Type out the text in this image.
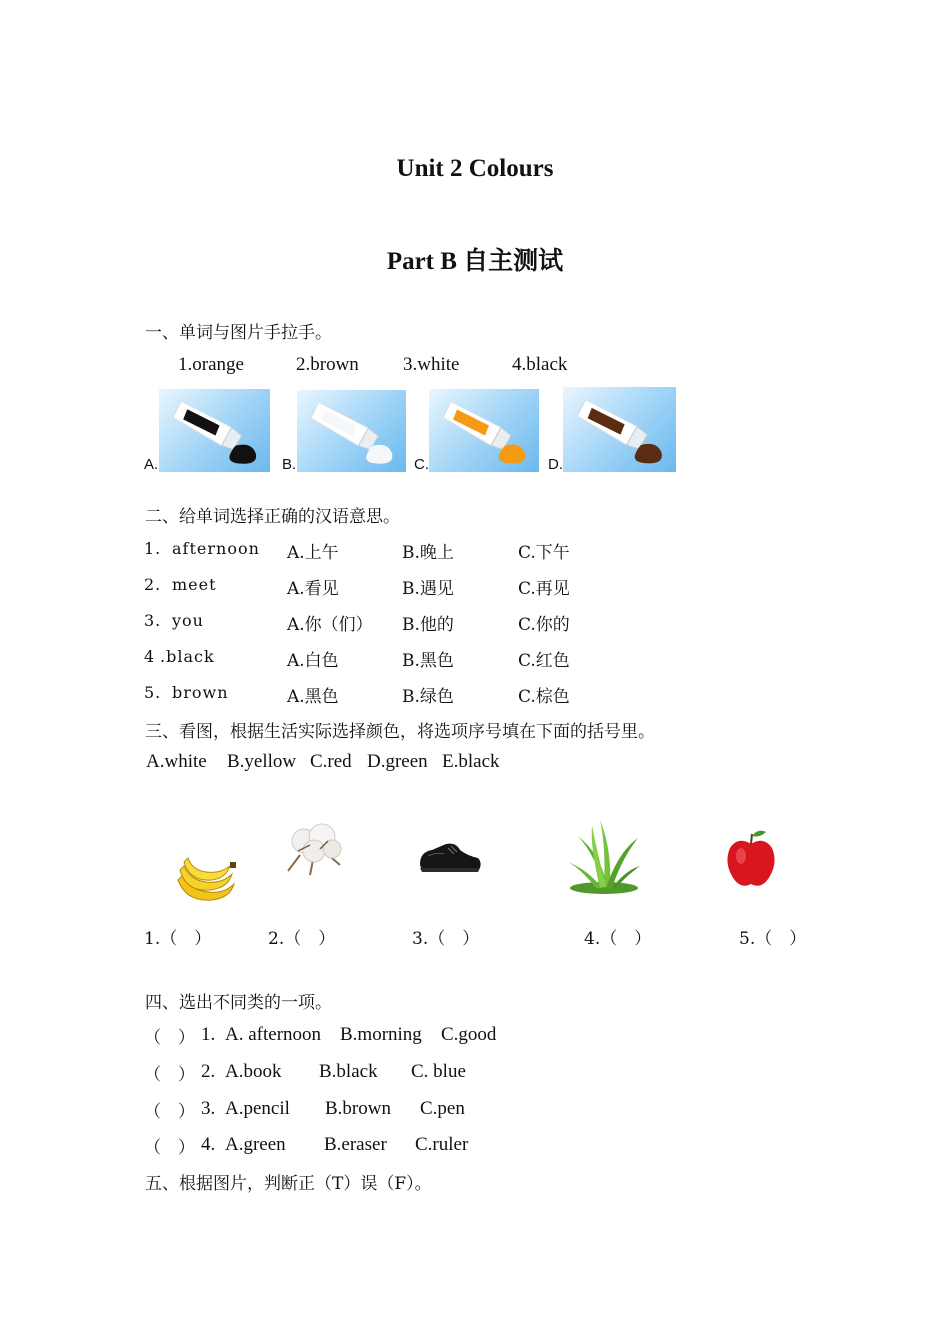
Unit 2 Colours
Part B 自主测试
一、单词与图片手拉手。
1.orange	2.brown 3.white	4.black
A.	B.	C.	D.
二、给单词选择正确的汉语意思。
1. afternoon A.上午	B.晚上	C.下午
2. meet	A.看见	B.遇见	C.再见
3. you	A.你（们） B.他的	C.你的
4 .black	A.白色	B.黑色	C.红色
5. brown	A.黑色	B.绿色	C.棕色
三、看图，根据生活实际选择颜色，将选项序号填在下面的括号里。
A.white B.yellow C.red D.green E.black
1.（　）	2.（　）	3.（　）	4.（　）	5.（　）
四、选出不同类的一项。
（　） 1. A. afternoon B.morning C.good
（　） 2. A.book B.black C. blue
（　） 3. A.pencil B.brown C.pen
（　） 4. A.green B.eraser C.ruler
五、根据图片，判断正（T）误（F）。
